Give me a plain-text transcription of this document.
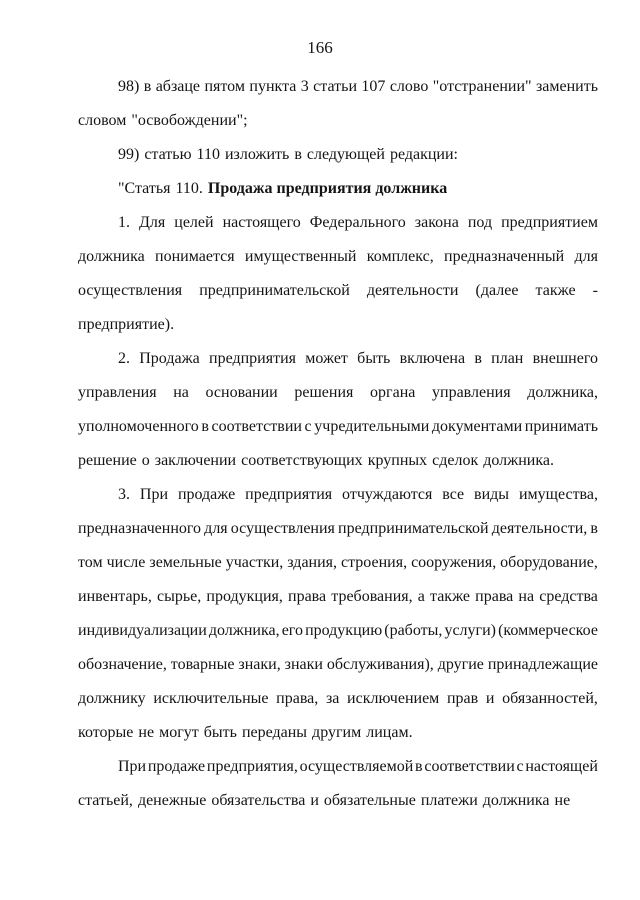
166
98) в абзаце пятом пункта 3 статьи 107 слово "отстранении" заменить
словом "освобождении";
99) статью 110 изложить в следующей редакции:
"Статья 110. Продажа предприятия должника
1. Для целей настоящего Федерального закона под предприятием
должника понимается имущественный комплекс, предназначенный для
осуществления предпринимательской деятельности (далее также -
предприятие).
2. Продажа предприятия может быть включена в план внешнего
управления на основании решения органа управления должника,
уполномоченного в соответствии с учредительными документами принимать
решение о заключении соответствующих крупных сделок должника.
3. При продаже предприятия отчуждаются все виды имущества,
предназначенного для осуществления предпринимательской деятельности, в
том числе земельные участки, здания, строения, сооружения, оборудование,
инвентарь, сырье, продукция, права требования, а также права на средства
индивидуализации должника, его продукцию (работы, услуги) (коммерческое
обозначение, товарные знаки, знаки обслуживания), другие принадлежащие
должнику исключительные права, за исключением прав и обязанностей,
которые не могут быть переданы другим лицам.
При продаже предприятия, осуществляемой в соответствии с настоящей
статьей, денежные обязательства и обязательные платежи должника не
